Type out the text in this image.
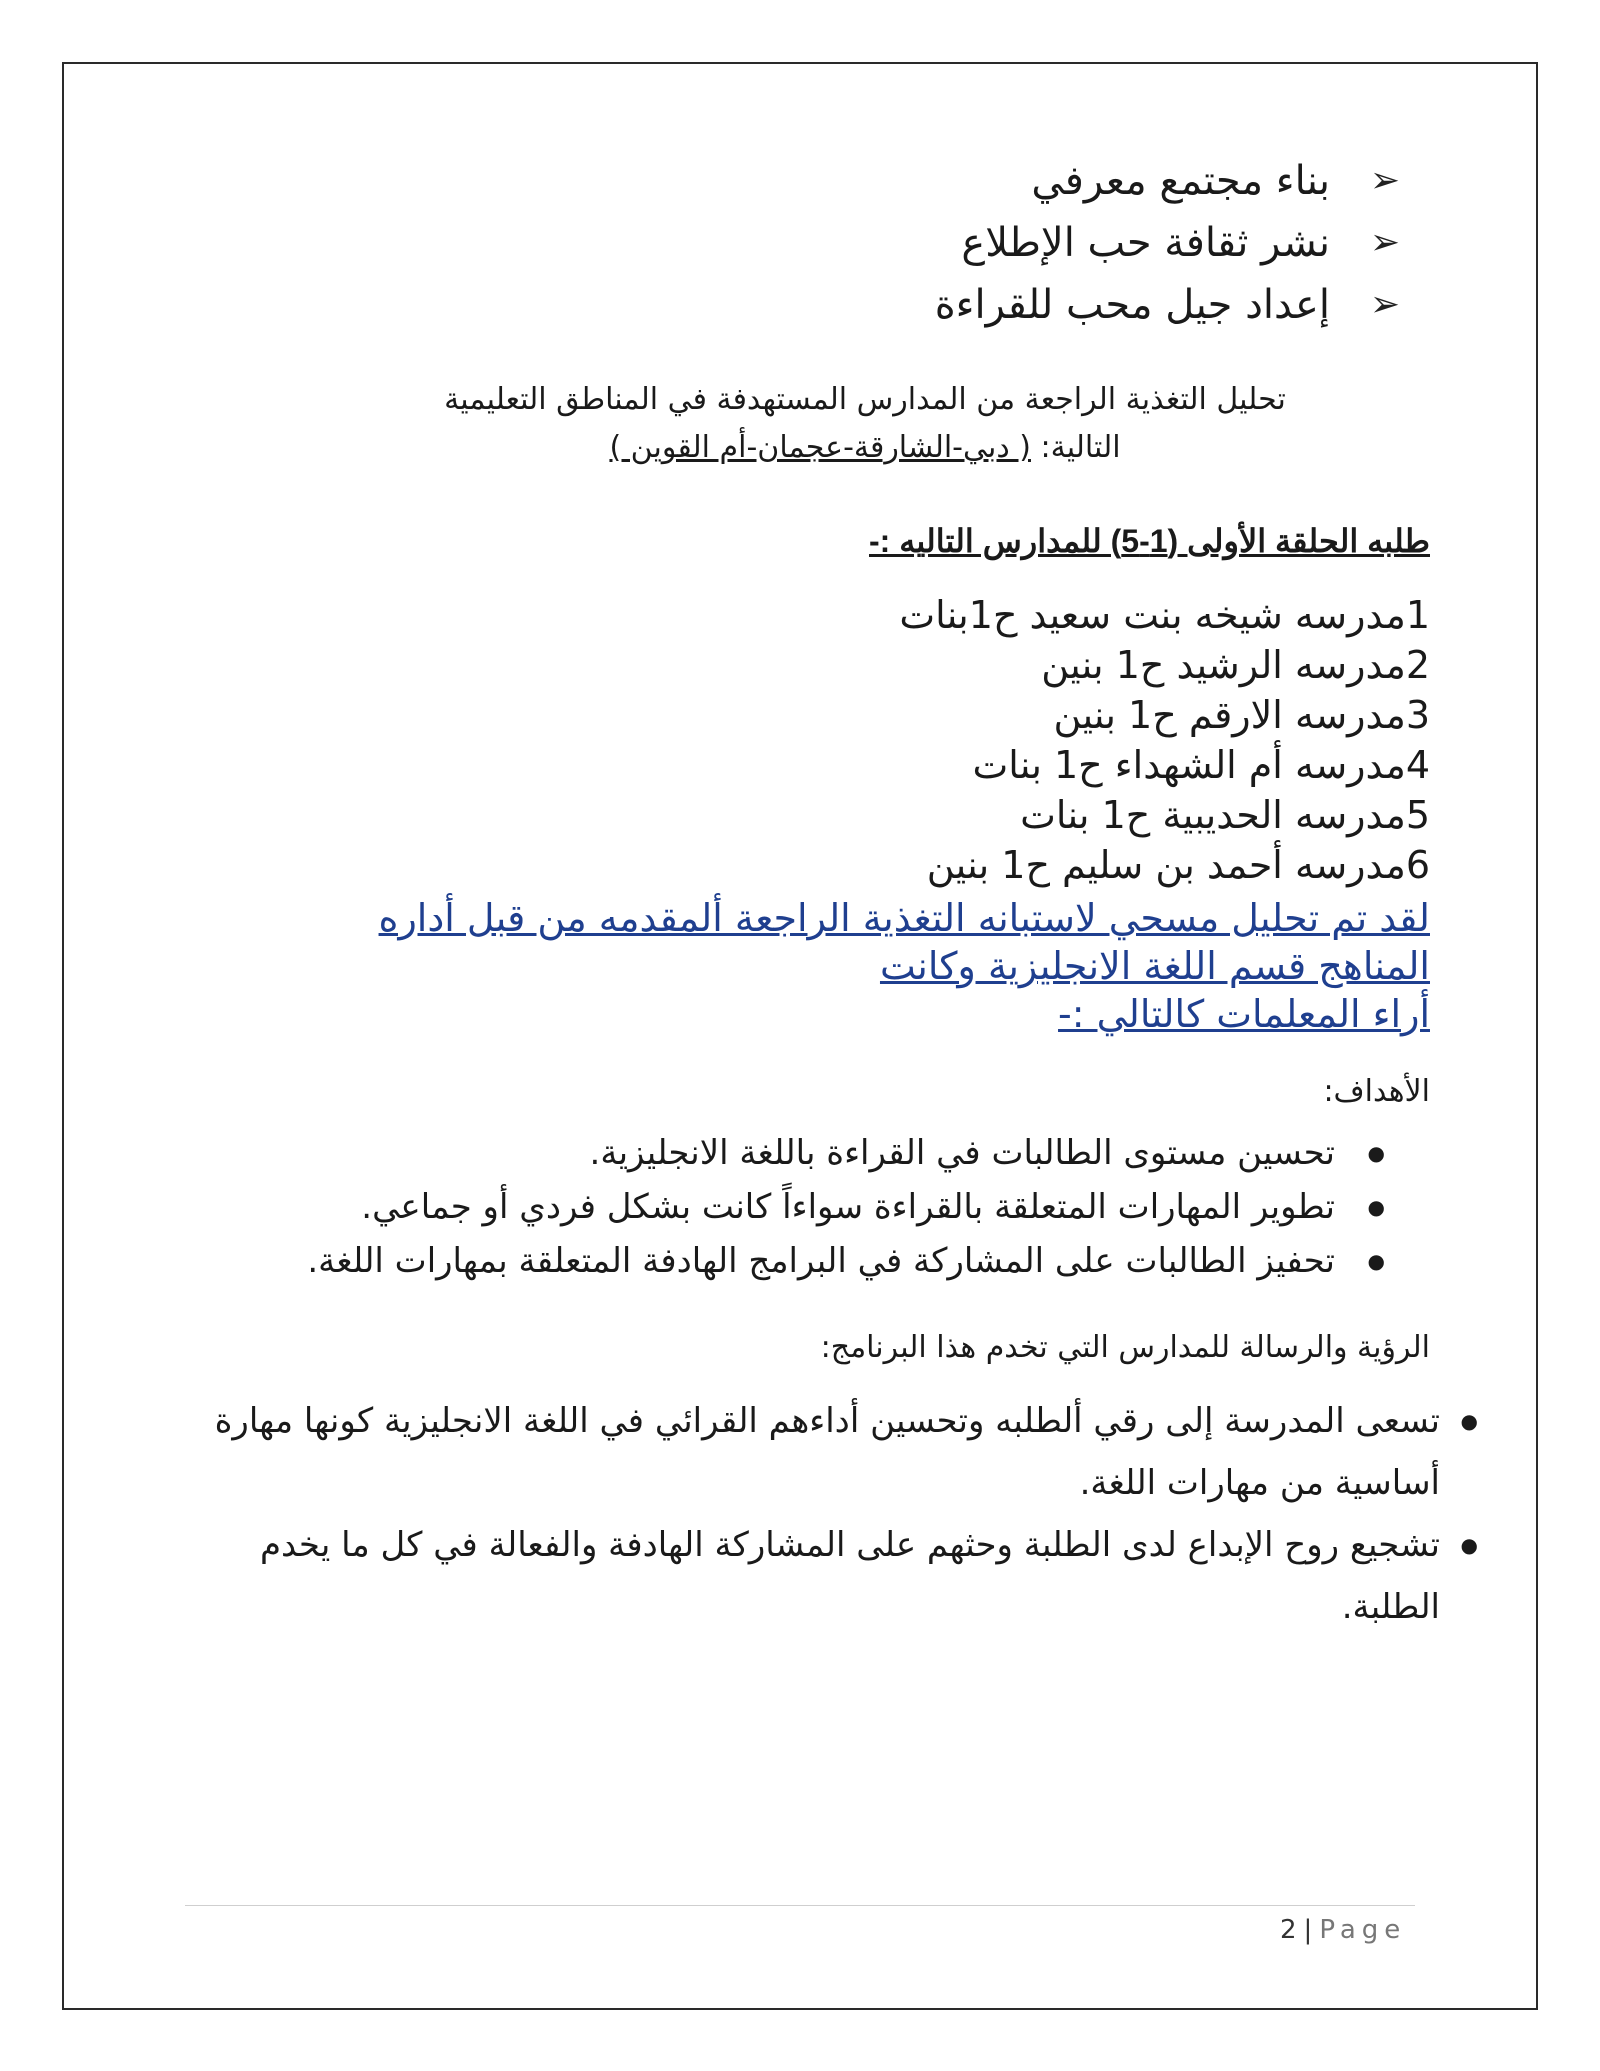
➢
بناء مجتمع معرفي
➢
نشر ثقافة حب الإطلاع
➢
إعداد جيل محب للقراءة
تحليل التغذية الراجعة من المدارس المستهدفة في المناطق التعليمية
التالية: ( دبي-الشارقة-عجمان-أم القوين )
طلبه الحلقة الأولى (1-5) للمدارس التاليه :-
1مدرسه شيخه بنت سعيد ح1بنات
2مدرسه الرشيد ح1 بنين
3مدرسه الارقم ح1 بنين
4مدرسه أم الشهداء ح1 بنات
5مدرسه الحديبية ح1 بنات
6مدرسه أحمد بن سليم ح1 بنين
لقد تم تحليل مسحي لاستبانه التغذية الراجعة ألمقدمه من قبل أداره
المناهج قسم اللغة الانجليزية وكانت
أراء المعلمات كالتالي :-
الأهداف:
● تحسين مستوى الطالبات في القراءة باللغة الانجليزية.
● تطوير المهارات المتعلقة بالقراءة سواءاً كانت بشكل فردي أو جماعي.
● تحفيز الطالبات على المشاركة في البرامج الهادفة المتعلقة بمهارات اللغة.
الرؤية والرسالة للمدارس التي تخدم هذا البرنامج:
● تسعى المدرسة إلى رقي ألطلبه وتحسين أداءهم القرائي في اللغة الانجليزية كونها مهارة أساسية من مهارات اللغة.
● تشجيع روح الإبداع لدى الطلبة وحثهم على المشاركة الهادفة والفعالة في كل ما يخدم الطلبة.
2 | Page
